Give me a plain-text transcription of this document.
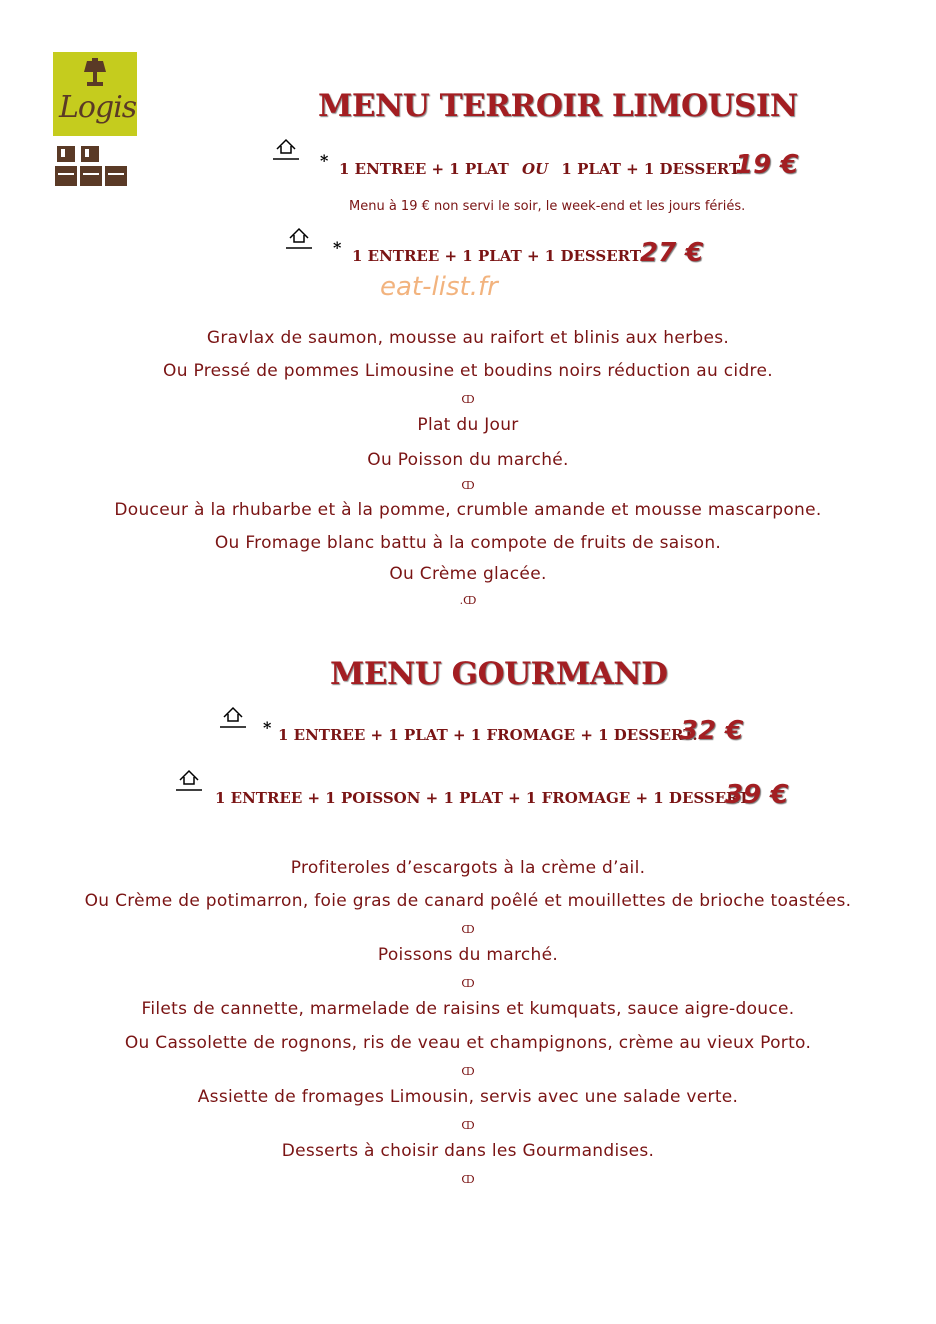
Logis	MENU TERROIR LIMOUSIN
* 1 ENTREE + 1 PLAT OU 1 PLAT + 1 DESSERT.
19 €
Menu à 19 € non servi le soir, le week-end et les jours fériés.
* 1 ENTREE + 1 PLAT + 1 DESSERT.
27 €
eat-list.fr
Gravlax de saumon, mousse au raifort et blinis aux herbes.
Ou Pressé de pommes Limousine et boudins noirs réduction au cidre.
ↀ
Plat du Jour
Ou Poisson du marché.
ↀ
Douceur à la rhubarbe et à la pomme, crumble amande et mousse mascarpone.
Ou Fromage blanc battu à la compote de fruits de saison.
Ou Crème glacée.
.ↀ
MENU GOURMAND
* 1 ENTREE + 1 PLAT + 1 FROMAGE + 1 DESSERT.
32 €
1 ENTREE + 1 POISSON + 1 PLAT + 1 FROMAGE + 1 DESSERT.
39 €
Profiteroles d’escargots à la crème d’ail.
Ou Crème de potimarron, foie gras de canard poêlé et mouillettes de brioche toastées.
ↀ
Poissons du marché.
ↀ
Filets de cannette, marmelade de raisins et kumquats, sauce aigre-douce.
Ou Cassolette de rognons, ris de veau et champignons, crème au vieux Porto.
ↀ
Assiette de fromages Limousin, servis avec une salade verte.
ↀ
Desserts à choisir dans les Gourmandises.
ↀ
